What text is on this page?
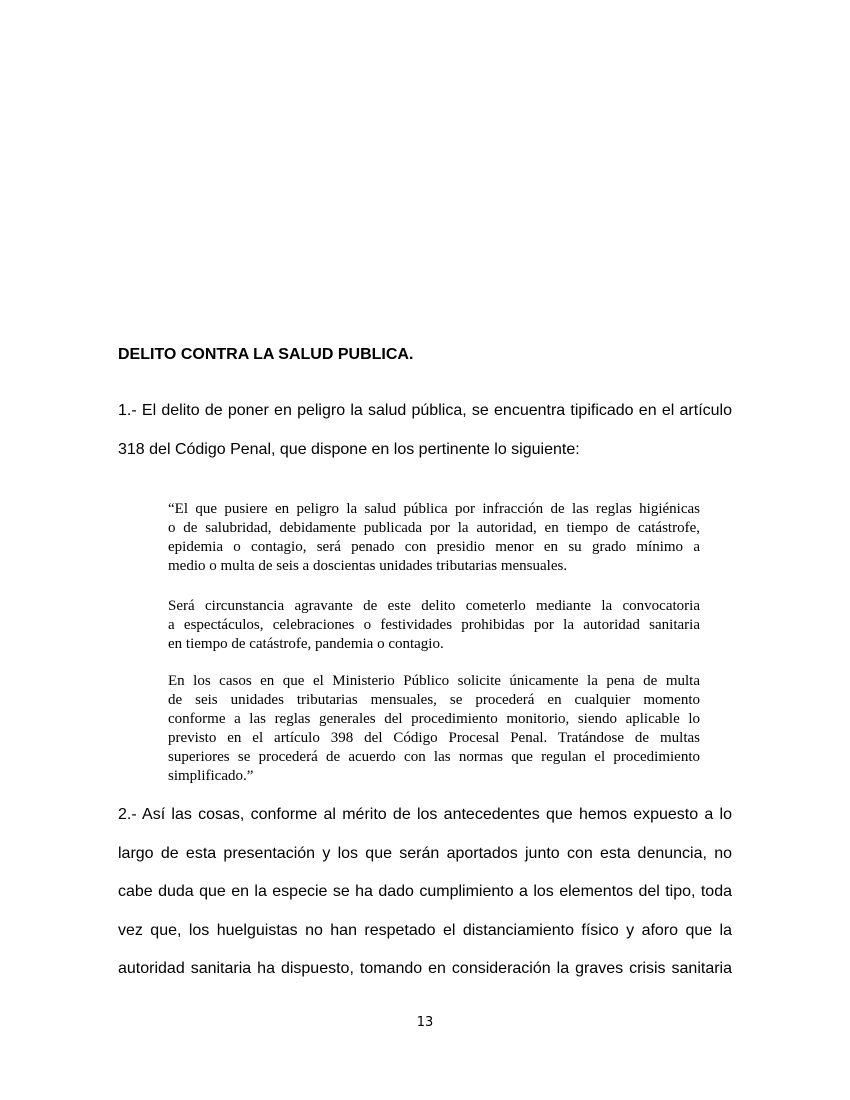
DELITO CONTRA LA SALUD PUBLICA.
1.- El delito de poner en peligro la salud pública, se encuentra tipificado en el artículo
318 del Código Penal, que dispone en los pertinente lo siguiente:
“El que pusiere en peligro la salud pública por infracción de las reglas higiénicas
o de salubridad, debidamente publicada por la autoridad, en tiempo de catástrofe,
epidemia o contagio, será penado con presidio menor en su grado mínimo a
medio o multa de seis a doscientas unidades tributarias mensuales.
Será circunstancia agravante de este delito cometerlo mediante la convocatoria
a espectáculos, celebraciones o festividades prohibidas por la autoridad sanitaria
en tiempo de catástrofe, pandemia o contagio.
En los casos en que el Ministerio Público solicite únicamente la pena de multa
de seis unidades tributarias mensuales, se procederá en cualquier momento
conforme a las reglas generales del procedimiento monitorio, siendo aplicable lo
previsto en el artículo 398 del Código Procesal Penal. Tratándose de multas
superiores se procederá de acuerdo con las normas que regulan el procedimiento
simplificado.”
2.- Así las cosas, conforme al mérito de los antecedentes que hemos expuesto a lo
largo de esta presentación y los que serán aportados junto con esta denuncia, no
cabe duda que en la especie se ha dado cumplimiento a los elementos del tipo, toda
vez que, los huelguistas no han respetado el distanciamiento físico y aforo que la
autoridad sanitaria ha dispuesto, tomando en consideración la graves crisis sanitaria
13
